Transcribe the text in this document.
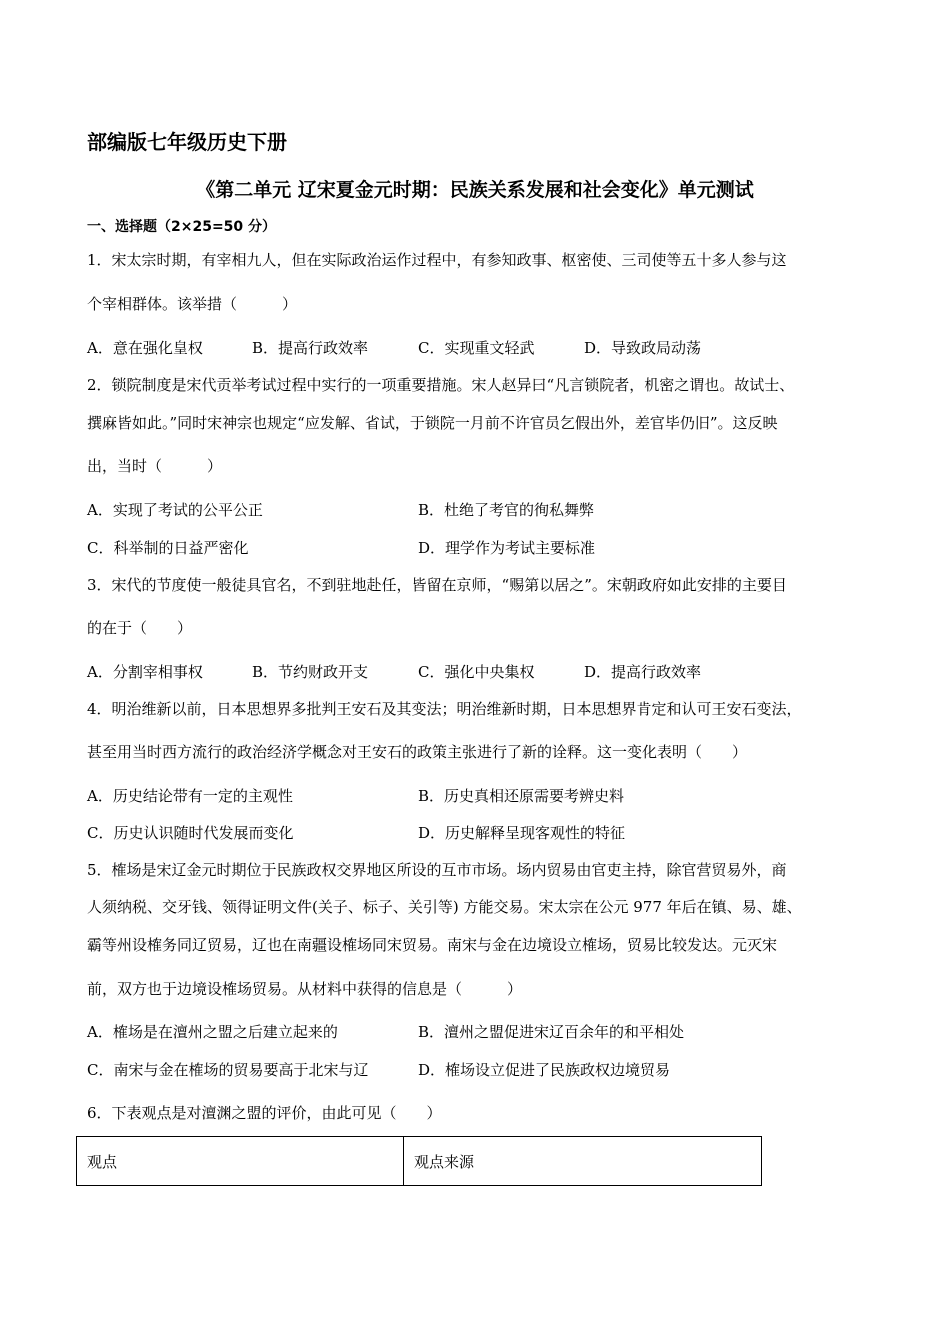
部编版七年级历史下册
《第二单元 辽宋夏金元时期：民族关系发展和社会变化》单元测试
一、选择题（2×25=50 分）
1．宋太宗时期，有宰相九人，但在实际政治运作过程中，有参知政事、枢密使、三司使等五十多人参与这
个宰相群体。该举措（　　　）
A．意在强化皇权	B．提高行政效率	C．实现重文轻武	D．导致政局动荡
2．锁院制度是宋代贡举考试过程中实行的一项重要措施。宋人赵异曰“凡言锁院者，机密之谓也。故试士、
撰麻皆如此。”同时宋神宗也规定“应发解、省试，于锁院一月前不许官员乞假出外，差官毕仍旧”。这反映
出，当时（　　　）
A．实现了考试的公平公正	B．杜绝了考官的徇私舞弊
C．科举制的日益严密化	D．理学作为考试主要标准
3．宋代的节度使一般徒具官名，不到驻地赴任，皆留在京师，“赐第以居之”。宋朝政府如此安排的主要目
的在于（　　）
A．分割宰相事权	B．节约财政开支	C．强化中央集权	D．提高行政效率
4．明治维新以前，日本思想界多批判王安石及其变法；明治维新时期，日本思想界肯定和认可王安石变法，
甚至用当时西方流行的政治经济学概念对王安石的政策主张进行了新的诠释。这一变化表明（　　）
A．历史结论带有一定的主观性	B．历史真相还原需要考辨史料
C．历史认识随时代发展而变化	D．历史解释呈现客观性的特征
5．榷场是宋辽金元时期位于民族政权交界地区所设的互市市场。场内贸易由官吏主持，除官营贸易外，商
人须纳税、交牙钱、领得证明文件(关子、标子、关引等) 方能交易。宋太宗在公元 977 年后在镇、易、雄、
霸等州设榷务同辽贸易，辽也在南疆设榷场同宋贸易。南宋与金在边境设立榷场，贸易比较发达。元灭宋
前，双方也于边境设榷场贸易。从材料中获得的信息是（　　　）
A．榷场是在澶州之盟之后建立起来的	B．澶州之盟促进宋辽百余年的和平相处
C．南宋与金在榷场的贸易要高于北宋与辽	D．榷场设立促进了民族政权边境贸易
6．下表观点是对澶渊之盟的评价，由此可见（　　）
观点	观点来源
